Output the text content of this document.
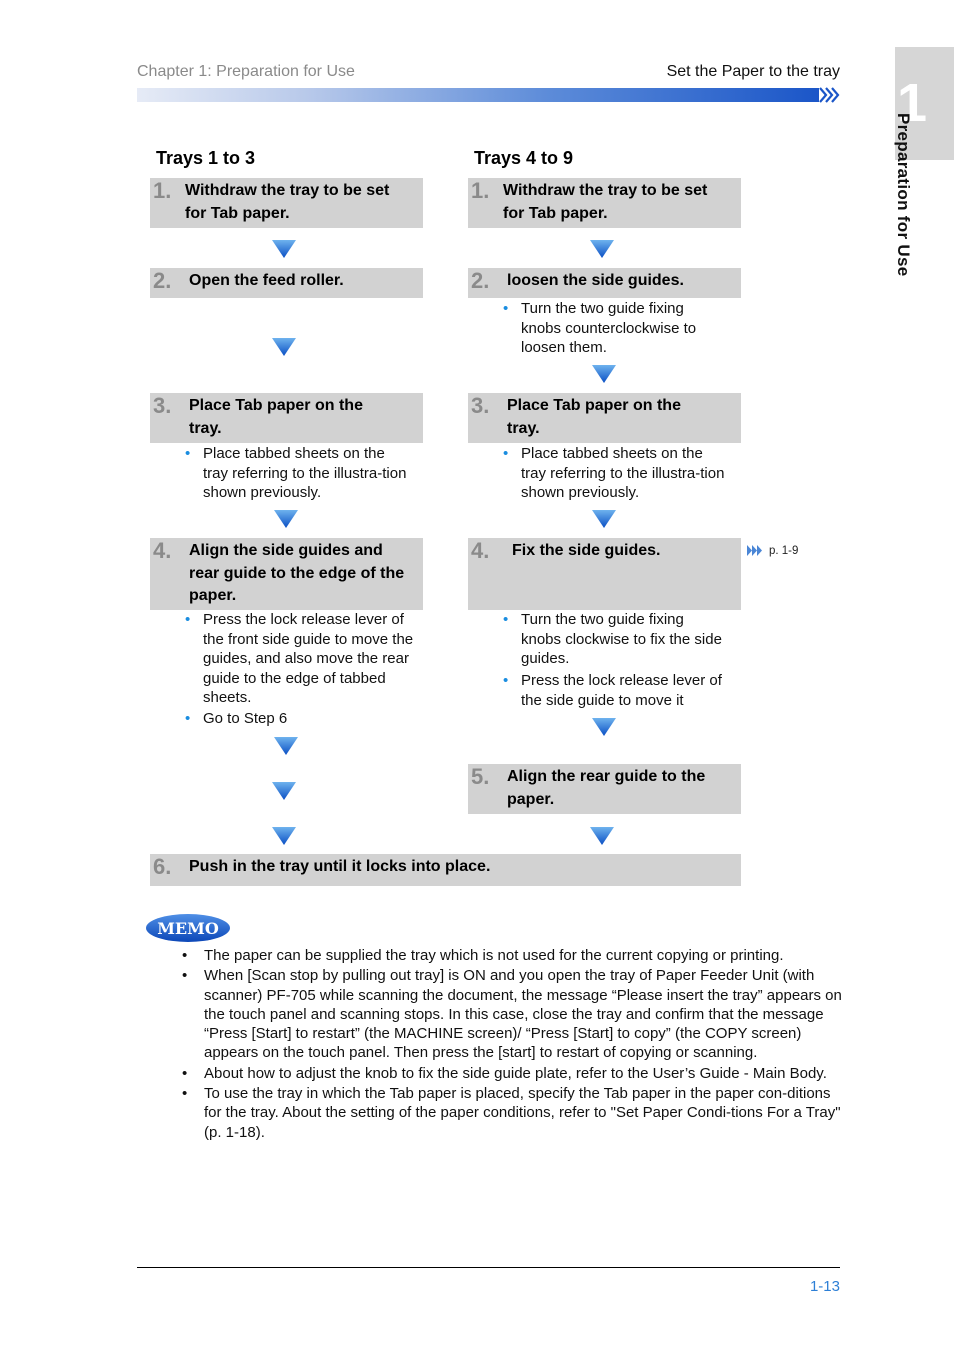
Chapter 1: Preparation for Use	Set the Paper to the tray
1
Preparation for Use
Trays 1 to 3	Trays 4 to 9
1. Withdraw the tray to be set for Tab paper.
2. Open the feed roller.
3. Place Tab paper on the tray.
• Place tabbed sheets on the tray referring to the illustra-tion shown previously.
4. Align the side guides and rear guide to the edge of the paper.
• Press the lock release lever of the front side guide to move the guides, and also move the rear guide to the edge of tabbed sheets.
• Go to Step 6
1. Withdraw the tray to be set for Tab paper.
2. loosen the side guides.
• Turn the two guide fixing knobs counterclockwise to loosen them.
3. Place Tab paper on the tray.
• Place tabbed sheets on the tray referring to the illustra-tion shown previously.
4. Fix the side guides.	p. 1-9
• Turn the two guide fixing knobs clockwise to fix the side guides.
• Press the lock release lever of the side guide to move it
5. Align the rear guide to the paper.
6. Push in the tray until it locks into place.
MEMO
• The paper can be supplied the tray which is not used for the current copying or printing.
• When [Scan stop by pulling out tray] is ON and you open the tray of Paper Feeder Unit (with scanner) PF-705 while scanning the document, the message “Please insert the tray” appears on the touch panel and scanning stops. In this case, close the tray and confirm that the message “Press [Start] to restart” (the MACHINE screen)/ “Press [Start] to copy” (the COPY screen) appears on the touch panel. Then press the [start] to restart of copying or scanning.
• About how to adjust the knob to fix the side guide plate, refer to the User’s Guide - Main Body.
• To use the tray in which the Tab paper is placed, specify the Tab paper in the paper con-ditions for the tray. About the setting of the paper conditions, refer to "Set Paper Condi-tions For a Tray" (p. 1-18).
1-13
